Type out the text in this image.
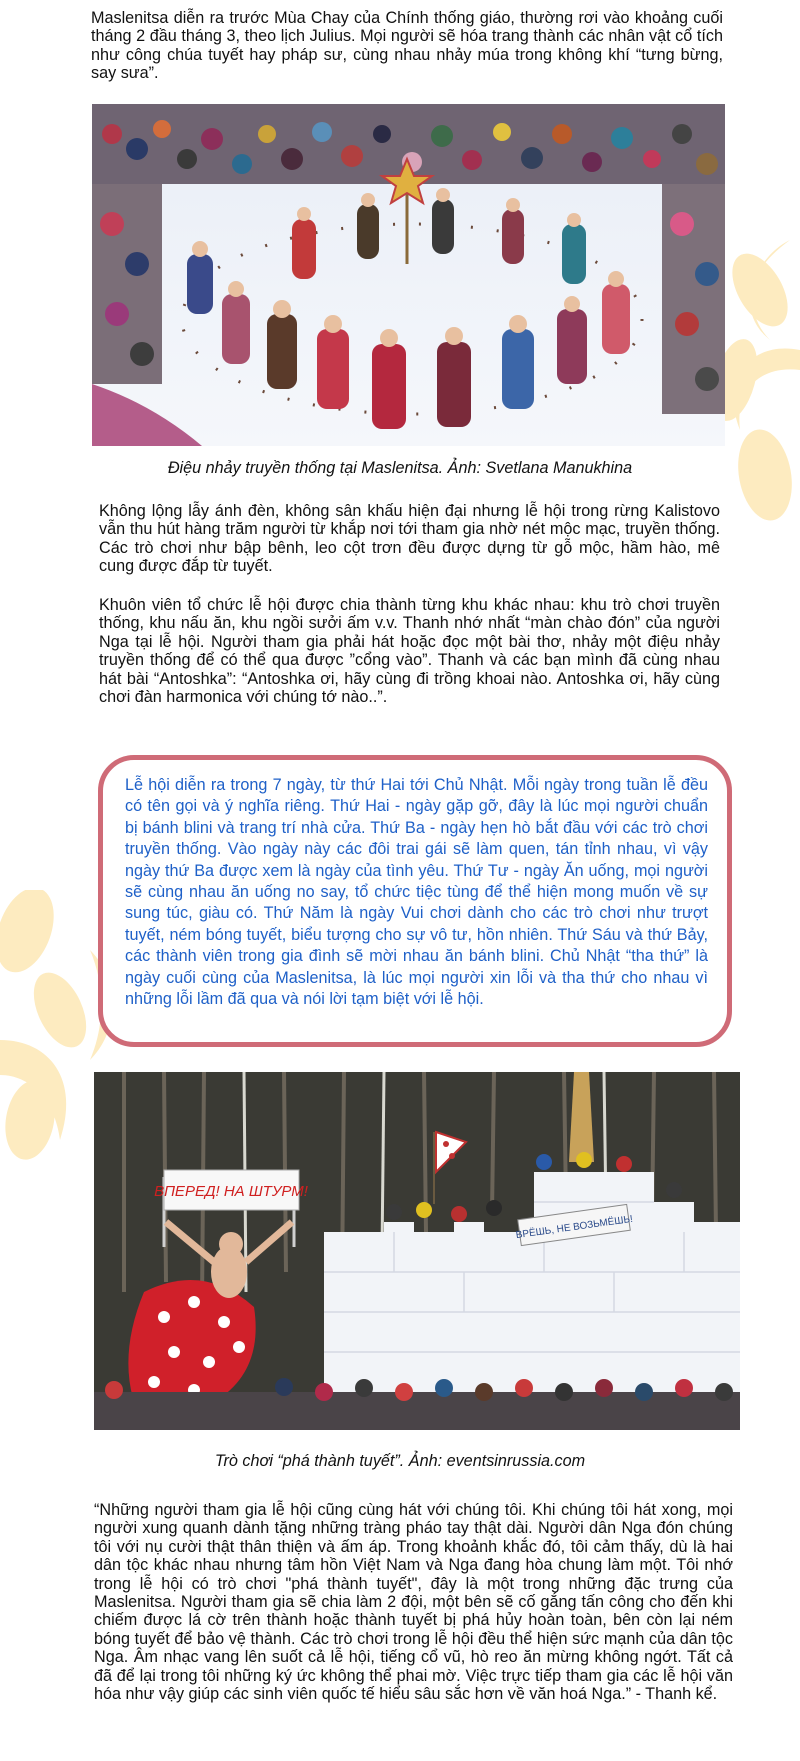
Maslenitsa diễn ra trước Mùa Chay của Chính thống giáo, thường rơi vào khoảng cuối tháng 2 đầu tháng 3, theo lịch Julius. Mọi người sẽ hóa trang thành các nhân vật cổ tích như công chúa tuyết hay pháp sư, cùng nhau nhảy múa trong không khí “tưng bừng, say sưa”.

Điệu nhảy truyền thống tại Maslenitsa. Ảnh: Svetlana Manukhina

Không lộng lẫy ánh đèn, không sân khấu hiện đại nhưng lễ hội trong rừng Kalistovo vẫn thu hút hàng trăm người từ khắp nơi tới tham gia nhờ nét mộc mạc, truyền thống. Các trò chơi như bập bênh, leo cột trơn đều được dựng từ gỗ mộc, hầm hào, mê cung được đắp từ tuyết.

Khuôn viên tổ chức lễ hội được chia thành từng khu khác nhau: khu trò chơi truyền thống, khu nấu ăn, khu ngồi sưởi ấm v.v. Thanh nhớ nhất “màn chào đón” của người Nga tại lễ hội. Người tham gia phải hát hoặc đọc một bài thơ, nhảy một điệu nhảy truyền thống để có thể qua được ”cổng vào”. Thanh và các bạn mình đã cùng nhau hát bài “Antoshka”: “Antoshka ơi, hãy cùng đi trồng khoai nào. Antoshka ơi, hãy cùng chơi đàn harmonica với chúng tớ nào..”.

Lễ hội diễn ra trong 7 ngày, từ thứ Hai tới Chủ Nhật. Mỗi ngày trong tuần lễ đều có tên gọi và ý nghĩa riêng. Thứ Hai - ngày gặp gỡ, đây là lúc mọi người chuẩn bị bánh blini và trang trí nhà cửa. Thứ Ba - ngày hẹn hò bắt đầu với các trò chơi truyền thống. Vào ngày này các đôi trai gái sẽ làm quen, tán tỉnh nhau, vì vậy ngày thứ Ba được xem là ngày của tình yêu. Thứ Tư - ngày Ăn uống, mọi người sẽ cùng nhau ăn uống no say, tổ chức tiệc tùng để thể hiện mong muốn về sự sung túc, giàu có. Thứ Năm là ngày Vui chơi dành cho các trò chơi như trượt tuyết, ném bóng tuyết, biểu tượng cho sự vô tư, hồn nhiên. Thứ Sáu và thứ Bảy, các thành viên trong gia đình sẽ mời nhau ăn bánh blini. Chủ Nhật “tha thứ” là ngày cuối cùng của Maslenitsa, là lúc mọi người xin lỗi và tha thứ cho nhau vì những lỗi lầm đã qua và nói lời tạm biệt với lễ hội.

ВРЁШЬ, НЕ ВОЗЬМЁШЬ!
ВПЕРЕД! НА ШТУРМ!

Trò chơi “phá thành tuyết”. Ảnh: eventsinrussia.com

“Những người tham gia lễ hội cũng cùng hát với chúng tôi. Khi chúng tôi hát xong, mọi người xung quanh dành tặng những tràng pháo tay thật dài. Người dân Nga đón chúng tôi với nụ cười thật thân thiện và ấm áp. Trong khoảnh khắc đó, tôi cảm thấy, dù là hai dân tộc khác nhau nhưng tâm hồn Việt Nam và Nga đang hòa chung làm một. Tôi nhớ trong lễ hội có trò chơi "phá thành tuyết", đây là một trong những đặc trưng của Maslenitsa. Người tham gia sẽ chia làm 2 đội, một bên sẽ cố gắng tấn công cho đến khi chiếm được lá cờ trên thành hoặc thành tuyết bị phá hủy hoàn toàn, bên còn lại ném bóng tuyết để bảo vệ thành. Các trò chơi trong lễ hội đều thể hiện sức mạnh của dân tộc Nga. Âm nhạc vang lên suốt cả lễ hội, tiếng cổ vũ, hò reo ăn mừng không ngớt. Tất cả đã để lại trong tôi những ký ức không thể phai mờ. Việc trực tiếp tham gia các lễ hội văn hóa như vậy giúp các sinh viên quốc tế hiểu sâu sắc hơn về văn hoá Nga.” - Thanh kể.
